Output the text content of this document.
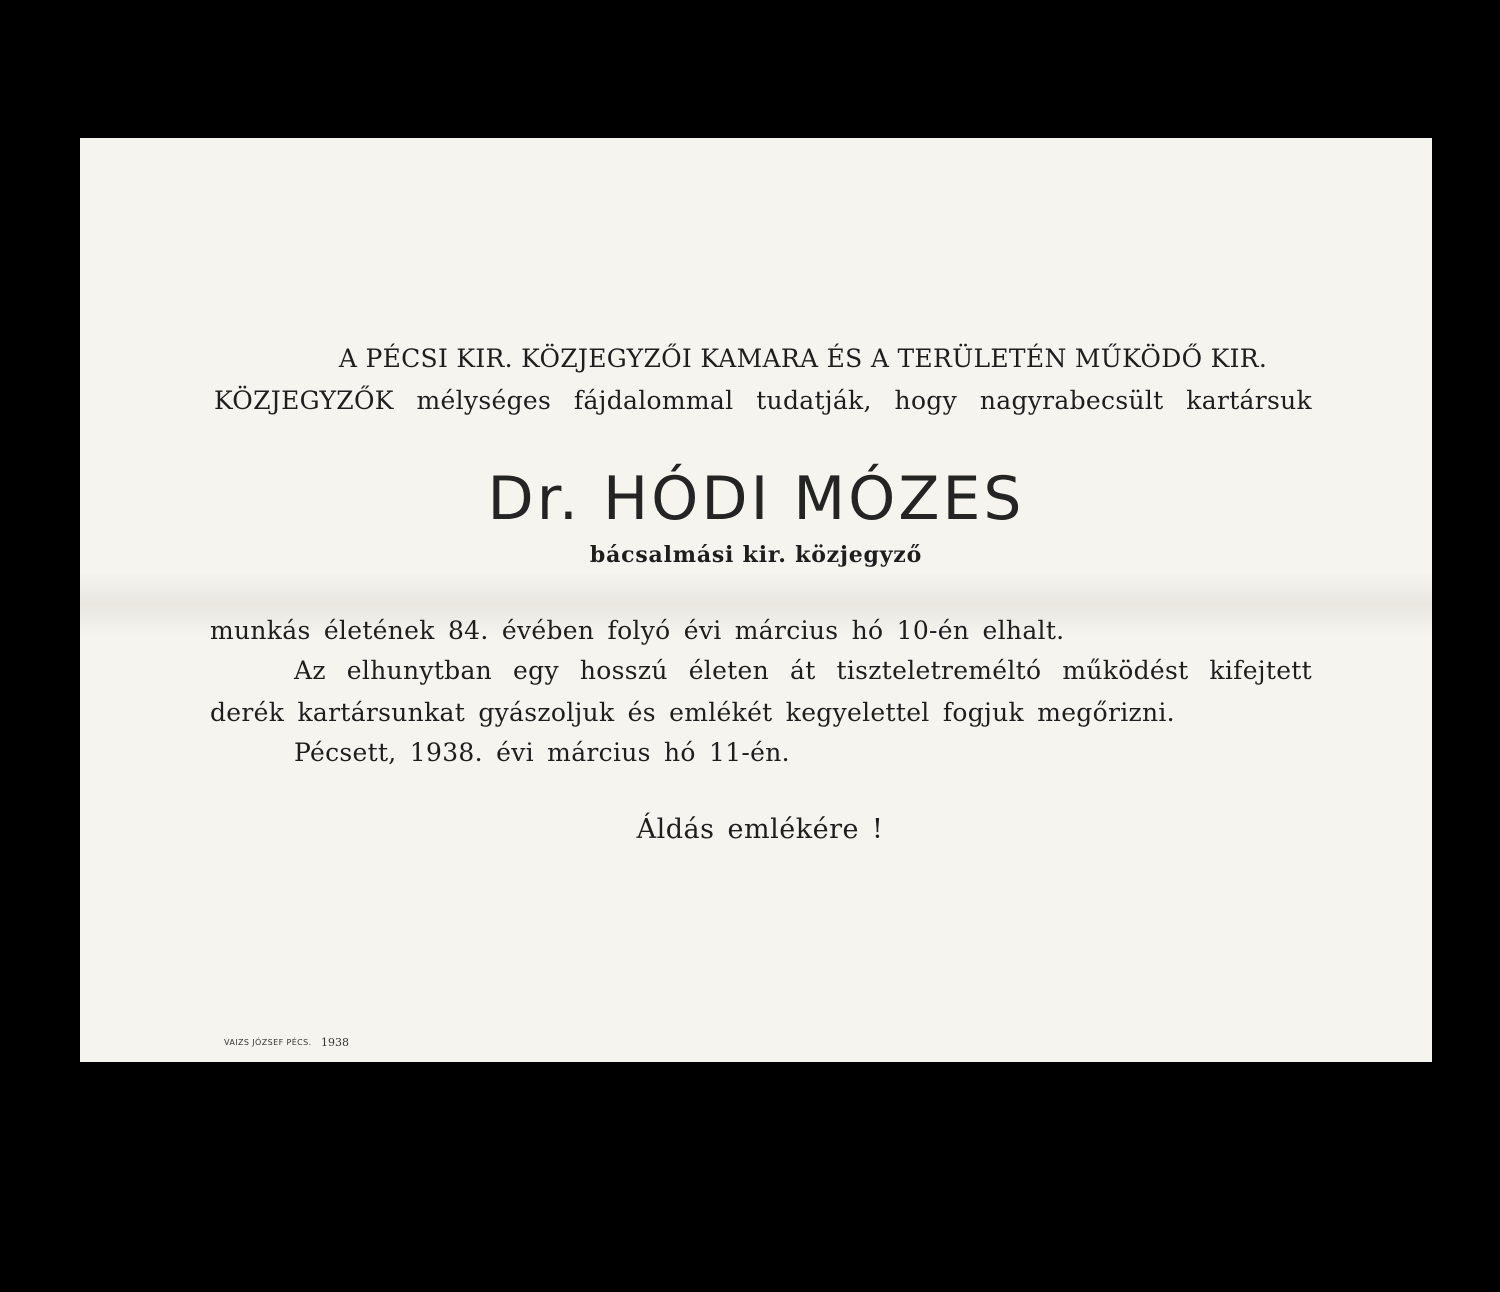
A PÉCSI KIR. KÖZJEGYZŐI KAMARA ÉS A TERÜLETÉN MŰKÖDŐ KIR.
KÖZJEGYZŐK mélységes fájdalommal tudatják, hogy nagyrabecsült kartársuk
Dr. HÓDI MÓZES
bácsalmási kir. közjegyző
munkás életének 84. évében folyó évi március hó 10-én elhalt.
Az elhunytban egy hosszú életen át tiszteletreméltó működést kifejtett
derék kartársunkat gyászoljuk és emlékét kegyelettel fogjuk megőrizni.
Pécsett, 1938. évi március hó 11-én.
Áldás emlékére !
VAIZS JÓZSEF PÉCS. 1938
